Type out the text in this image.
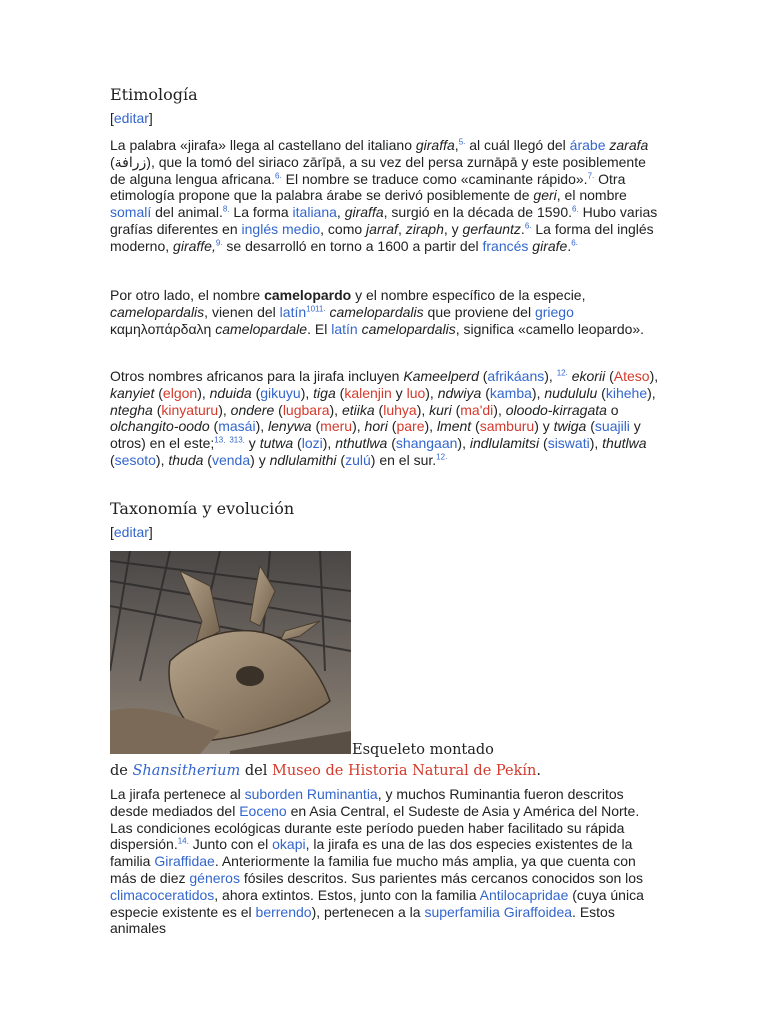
Etimología
[editar]

La palabra «jirafa» llega al castellano del italiano giraffa,$^5$ . al cuál llegó del árabe zarafa (زرافة), que la tomó del siriaco zārīpā, a su vez del persa zurnāpā y este posiblemente de alguna lengua africana.$^6$ . El nombre se traduce como «caminante rápido».$^7$ . Otra etimología propone que la palabra árabe se derivó posiblemente de geri, el nombre somalí del animal.$^8$ . La forma italiana, giraffa, surgió en la década de 1590.$^6$ . Hubo varias grafías diferentes en inglés medio, como jarraf, ziraph, y gerfauntz.$^6$ . La forma del inglés moderno, giraffe,$^9$ . se desarrolló en torno a 1600 a partir del francés girafe.$^6$ .

Por otro lado, el nombre camelopardo y el nombre específico de la especie, camelopardalis, vienen del latín$^{1011}$ . camelopardalis que proviene del griego καμηλοπάρδαλη camelopardale. El latín camelopardalis, significa «camello leopardo».

Otros nombres africanos para la jirafa incluyen Kameelperd (afrikáans), $^{12}$ . ekorii (Ateso), kanyiet (elgon), nduida (gikuyu), tiga (kalenjin y luo), ndwiya (kamba), nudululu (kihehe), ntegha (kinyaturu), ondere (lugbara), etiika (luhya), kuri (ma'di), oloodo-kirragata o olchangito-oodo (masái), lenywa (meru), hori (pare), lment (samburu) y twiga (suajili y otros) en el este;$^{13}$ . $^{313}$ . y tutwa (lozi), nthutlwa (shangaan), indlulamitsi (siswati), thutlwa (sesoto), thuda (venda) y ndlulamithi (zulú) en el sur.$^{12}$ .

Taxonomía y evolución
[editar]

La jirafa pertenece al suborden Ruminantia, y muchos Ruminantia fueron descritos desde mediados del Eoceno en Asia Central, el Sudeste de Asia y América del Norte. Las condiciones ecológicas durante este período pueden haber facilitado su rápida dispersión.$^{14}$ . Junto con el okapi, la jirafa es una de las dos especies existentes de la familia Giraffidae. Anteriormente la familia fue mucho más amplia, ya que cuenta con más de diez géneros fósiles descritos. Sus parientes más cercanos conocidos son los climacoceratidos, ahora extintos. Estos, junto con la familia Antilocapridae (cuya única especie existente es el berrendo), pertenecen a la superfamilia Giraffoidea. Estos animales

Esqueleto montado
de Shansitherium del Museo de Historia Natural de Pekín.
